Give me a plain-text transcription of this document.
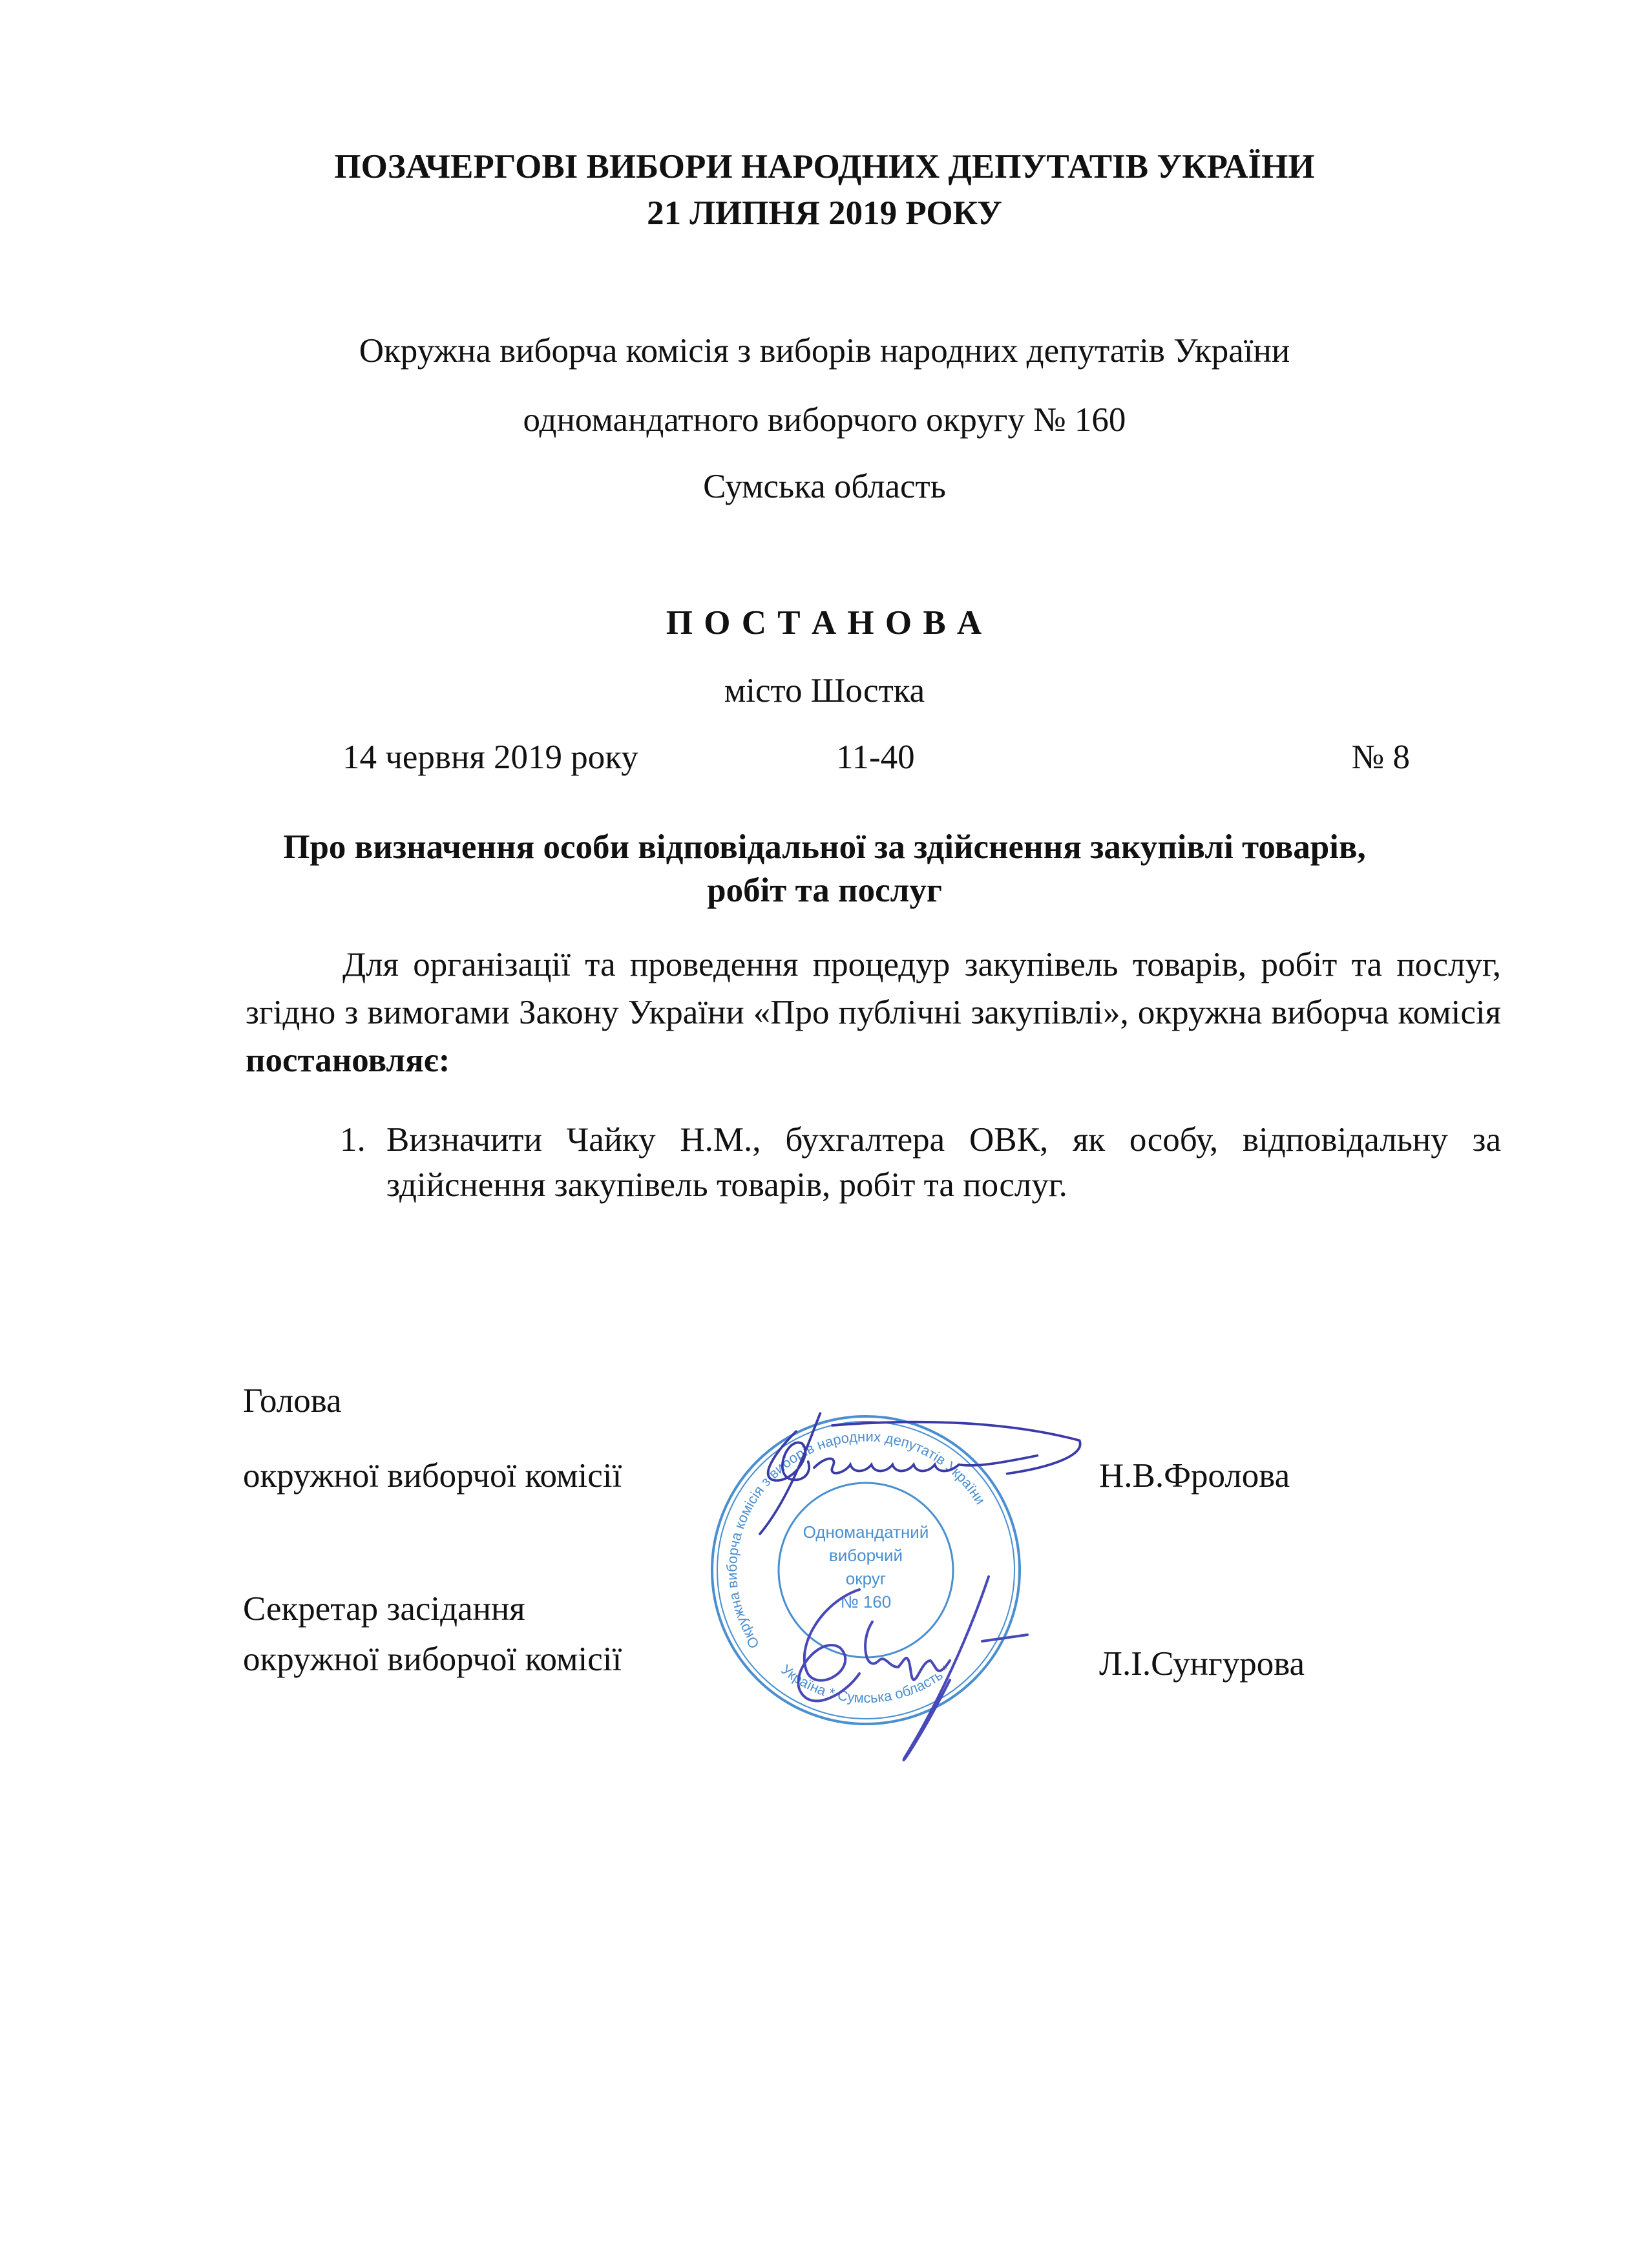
ПОЗАЧЕРГОВІ ВИБОРИ НАРОДНИХ ДЕПУТАТІВ УКРАЇНИ
21 ЛИПНЯ 2019 РОКУ
Окружна виборча комісія з виборів народних депутатів України
одномандатного виборчого округу № 160
Сумська область
П О С Т А Н О В А
місто Шостка
14 червня 2019 року	11-40	№ 8
Про визначення особи відповідальної за здійснення закупівлі товарів,
робіт та послуг
Для організації та проведення процедур закупівель товарів, робіт та послуг, згідно з вимогами Закону України «Про публічні закупівлі», окружна виборча комісія постановляє:
1. Визначити Чайку Н.М., бухгалтера ОВК, як особу, відповідальну за здійснення закупівель товарів, робіт та послуг.
Голова
окружної виборчої комісії	Н.В.Фролова
Секретар засідання
окружної виборчої комісії	Л.І.Сунгурова
Окружна виборча комісія з виборів народних депутатів України
Україна * Сумська область *
Одномандатний
виборчий
округ
№ 160
